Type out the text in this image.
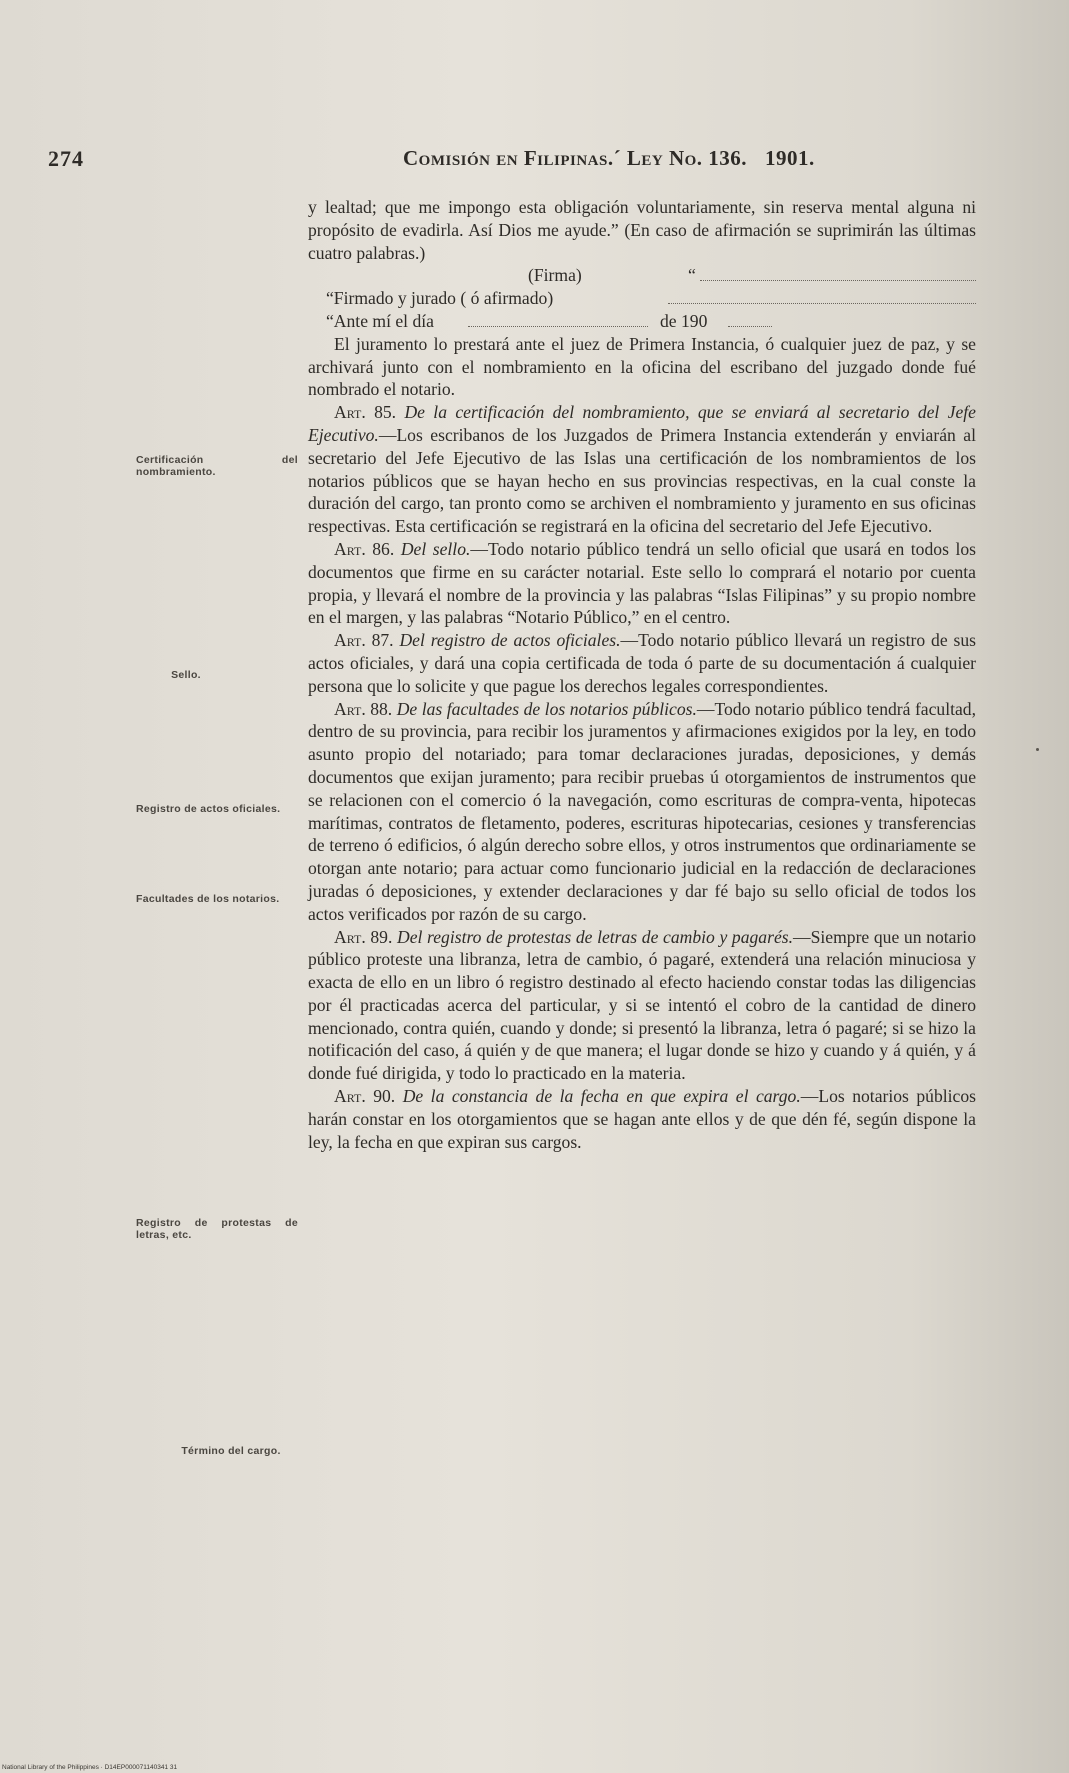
274	Comisión en Filipinas.´ Ley No. 136. 1901.

y lealtad; que me impongo esta obligación voluntariamente, sin reserva mental alguna ni propósito de evadirla. Así Dios me ayude.” (En caso de afirmación se suprimirán las últimas cuatro palabras.)

(Firma)	“
“Firmado y jurado ( ó afirmado)
“Ante mí el día	de 190

El juramento lo prestará ante el juez de Primera Instancia, ó cualquier juez de paz, y se archivará junto con el nombramiento en la oficina del escribano del juzgado donde fué nombrado el notario.

Art. 85. De la certificación del nombramiento, que se enviará al secretario del Jefe Ejecutivo.—Los escribanos de los Juzgados de Primera Instancia extenderán y enviarán al secretario del Jefe Ejecutivo de las Islas una certificación de los nombramientos de los notarios públicos que se hayan hecho en sus provincias respectivas, en la cual conste la duración del cargo, tan pronto como se archiven el nombramiento y juramento en sus oficinas respectivas. Esta certificación se registrará en la oficina del secretario del Jefe Ejecutivo.

Art. 86. Del sello.—Todo notario público tendrá un sello oficial que usará en todos los documentos que firme en su carácter notarial. Este sello lo comprará el notario por cuenta propia, y llevará el nombre de la provincia y las palabras “Islas Filipinas” y su propio nombre en el margen, y las palabras “Notario Público,” en el centro.

Art. 87. Del registro de actos oficiales.—Todo notario público llevará un registro de sus actos oficiales, y dará una copia certificada de toda ó parte de su documentación á cualquier persona que lo solicite y que pague los derechos legales correspondientes.

Art. 88. De las facultades de los notarios públicos.—Todo notario público tendrá facultad, dentro de su provincia, para recibir los juramentos y afirmaciones exigidos por la ley, en todo asunto propio del notariado; para tomar declaraciones juradas, deposiciones, y demás documentos que exijan juramento; para recibir pruebas ú otorgamientos de instrumentos que se relacionen con el comercio ó la navegación, como escrituras de compra-venta, hipotecas marítimas, contratos de fletamento, poderes, escrituras hipotecarias, cesiones y transferencias de terreno ó edificios, ó algún derecho sobre ellos, y otros instrumentos que ordinariamente se otorgan ante notario; para actuar como funcionario judicial en la redacción de declaraciones juradas ó deposiciones, y extender declaraciones y dar fé bajo su sello oficial de todos los actos verificados por razón de su cargo.

Art. 89. Del registro de protestas de letras de cambio y pagarés.—Siempre que un notario público proteste una libranza, letra de cambio, ó pagaré, extenderá una relación minuciosa y exacta de ello en un libro ó registro destinado al efecto haciendo constar todas las diligencias por él practicadas acerca del particular, y si se intentó el cobro de la cantidad de dinero mencionado, contra quién, cuando y donde; si presentó la libranza, letra ó pagaré; si se hizo la notificación del caso, á quién y de que manera; el lugar donde se hizo y cuando y á quién, y á donde fué dirigida, y todo lo practicado en la materia.

Art. 90. De la constancia de la fecha en que expira el cargo.—Los notarios públicos harán constar en los otorgamientos que se hagan ante ellos y de que dén fé, según dispone la ley, la fecha en que expiran sus cargos.

Certificación del nombramiento.
Sello.
Registro de actos oficiales.
Facultades de los notarios.
Registro de protestas de letras, etc.
Término del cargo.
National Library of the Philippines · D14EP000071140341 31
